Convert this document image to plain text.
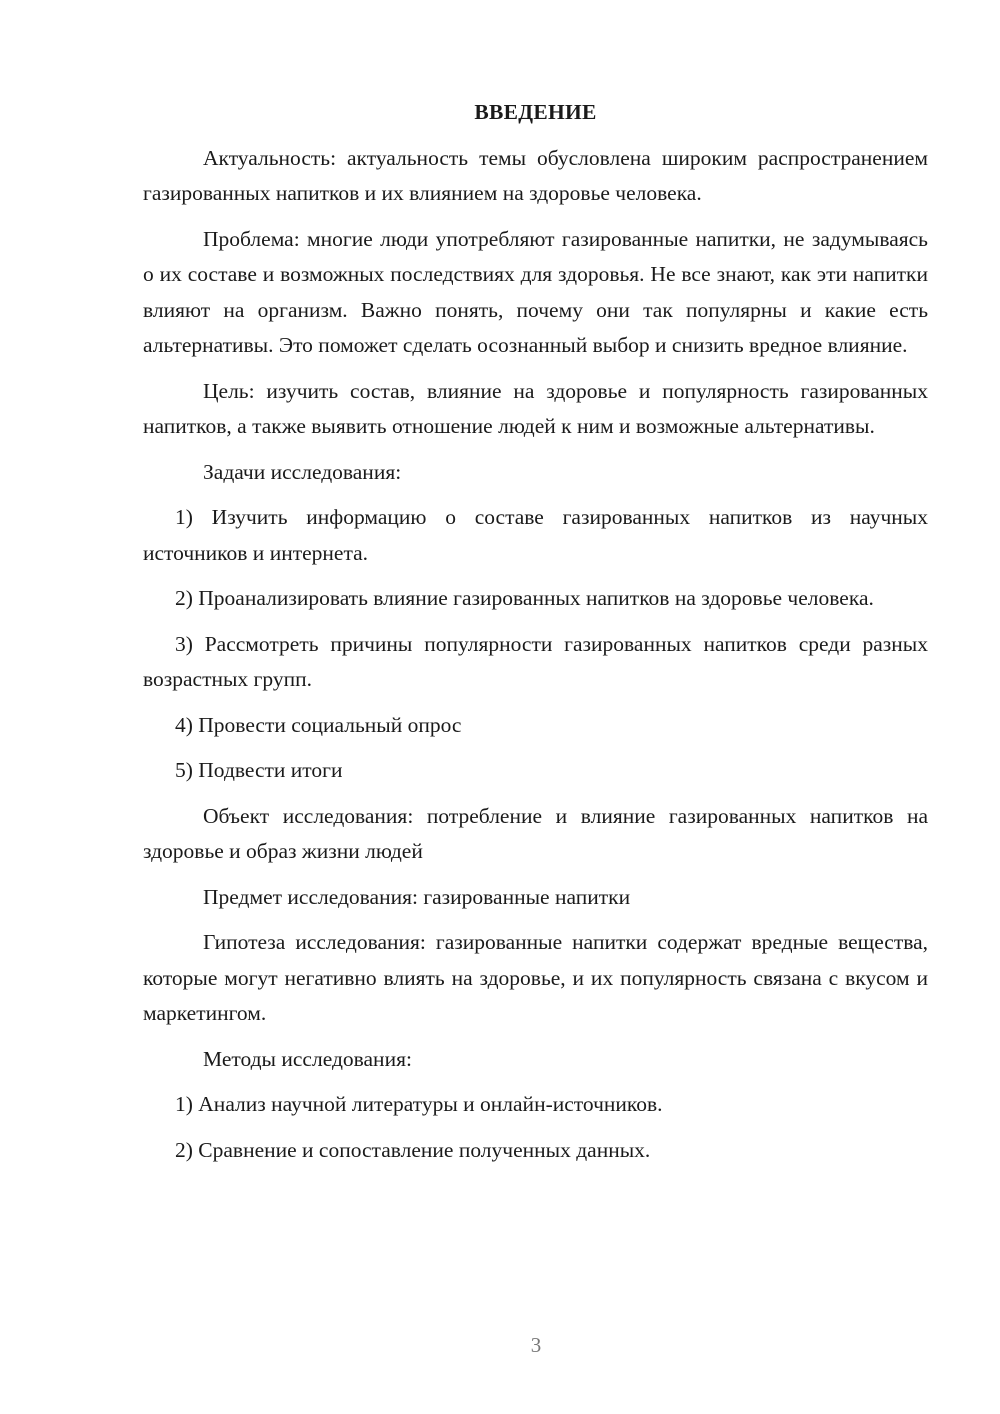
ВВЕДЕНИЕ

Актуальность: актуальность темы обусловлена широким распространением газированных напитков и их влиянием на здоровье человека.

Проблема: многие люди употребляют газированные напитки, не задумываясь о их составе и возможных последствиях для здоровья. Не все знают, как эти напитки влияют на организм. Важно понять, почему они так популярны и какие есть альтернативы. Это поможет сделать осознанный выбор и снизить вредное влияние.

Цель: изучить состав, влияние на здоровье и популярность газированных напитков, а также выявить отношение людей к ним и возможные альтернативы.

Задачи исследования:

1) Изучить информацию о составе газированных напитков из научных источников и интернета.

2) Проанализировать влияние газированных напитков на здоровье человека.

3) Рассмотреть причины популярности газированных напитков среди разных возрастных групп.

4) Провести социальный опрос

5) Подвести итоги

Объект исследования: потребление и влияние газированных напитков на здоровье и образ жизни людей

Предмет исследования: газированные напитки

Гипотеза исследования: газированные напитки содержат вредные вещества, которые могут негативно влиять на здоровье, и их популярность связана с вкусом и маркетингом.

Методы исследования:

1) Анализ научной литературы и онлайн-источников.

2) Сравнение и сопоставление полученных данных.

3
